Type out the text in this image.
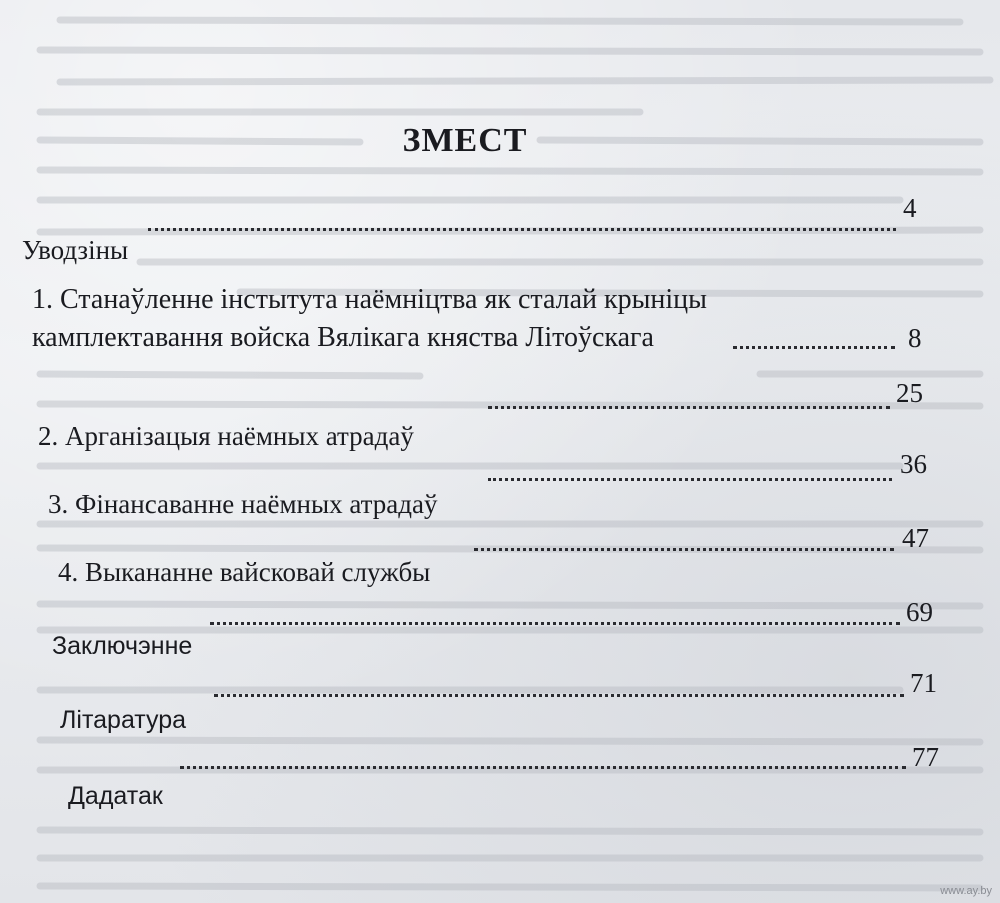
ЗМЕСТ
4
Уводзіны
1. Станаўленне інстытута наёмніцтва як сталай крыніцы
камплектавання войска Вялікага княства Літоўскага	8
25
2. Арганізацыя наёмных атрадаў
36
3. Фінансаванне наёмных атрадаў
47
4. Выкананне вайсковай службы
69
Заключэнне
71
Літаратура
77
Дадатак
www.ay.by
